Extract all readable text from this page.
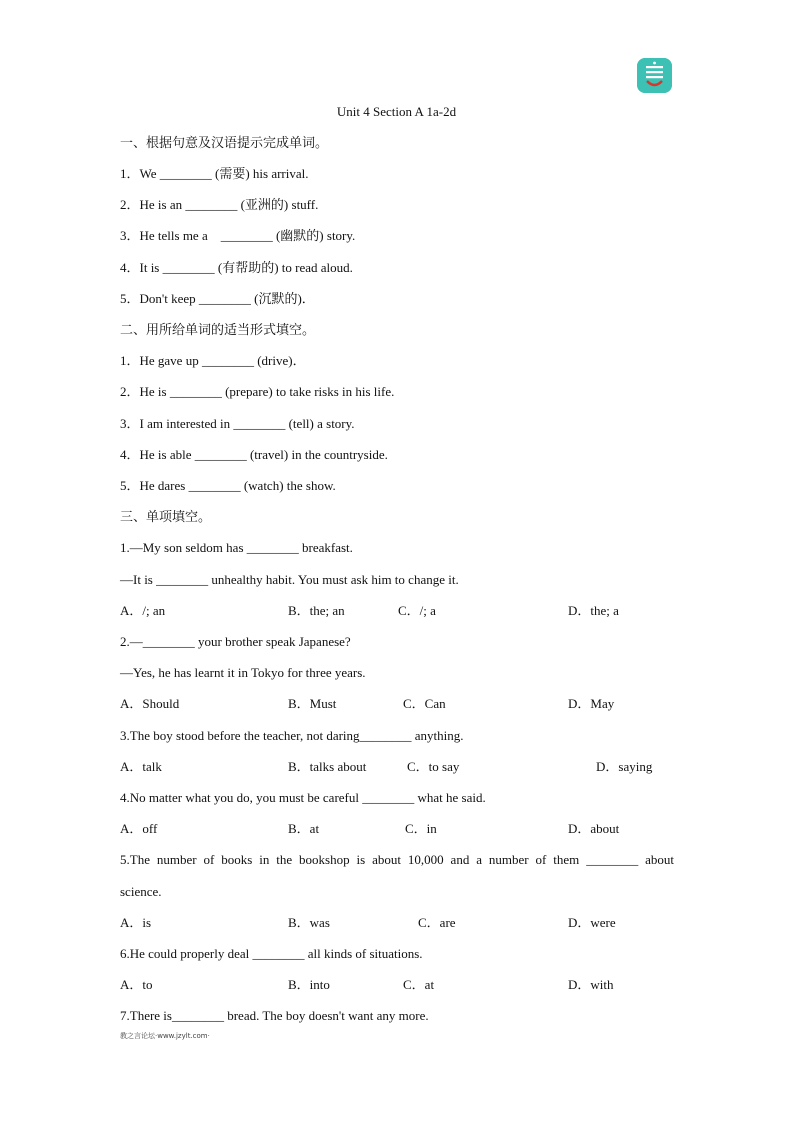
Unit 4 Section A 1a-2d
一、根据句意及汉语提示完成单词。
1．We ________ (需要) his arrival.
2．He is an ________ (亚洲的) stuff.
3．He tells me a    ________ (幽默的) story.
4．It is ________ (有帮助的) to read aloud.
5．Don't keep ________ (沉默的)．
二、用所给单词的适当形式填空。
1．He gave up ________ (drive)．
2．He is ________ (prepare) to take risks in his life.
3．I am interested in ________ (tell) a story.
4．He is able ________ (travel) in the countryside.
5．He dares ________ (watch) the show.
三、单项填空。
1.—My son seldom has ________ breakfast.
—It is ________ unhealthy habit. You must ask him to change it.
A．/; an	B．the; an	C．/; a	D．the; a
2.—________ your brother speak Japanese?
—Yes, he has learnt it in Tokyo for three years.
A．Should	B．Must	C．Can	D．May
3.The boy stood before the teacher, not daring________ anything.
A．talk	B．talks about	C．to say	D．saying
4.No matter what you do, you must be careful ________ what he said.
A．off	B．at	C．in	D．about
5.The number of books in the bookshop is about 10,000 and a number of them ________ about
science.
A．is	B．was	C．are	D．were
6.He could properly deal ________ all kinds of situations.
A．to	B．into	C．at	D．with
7.There is________ bread. The boy doesn't want any more.
教之言论坛·www.jzylt.com·
